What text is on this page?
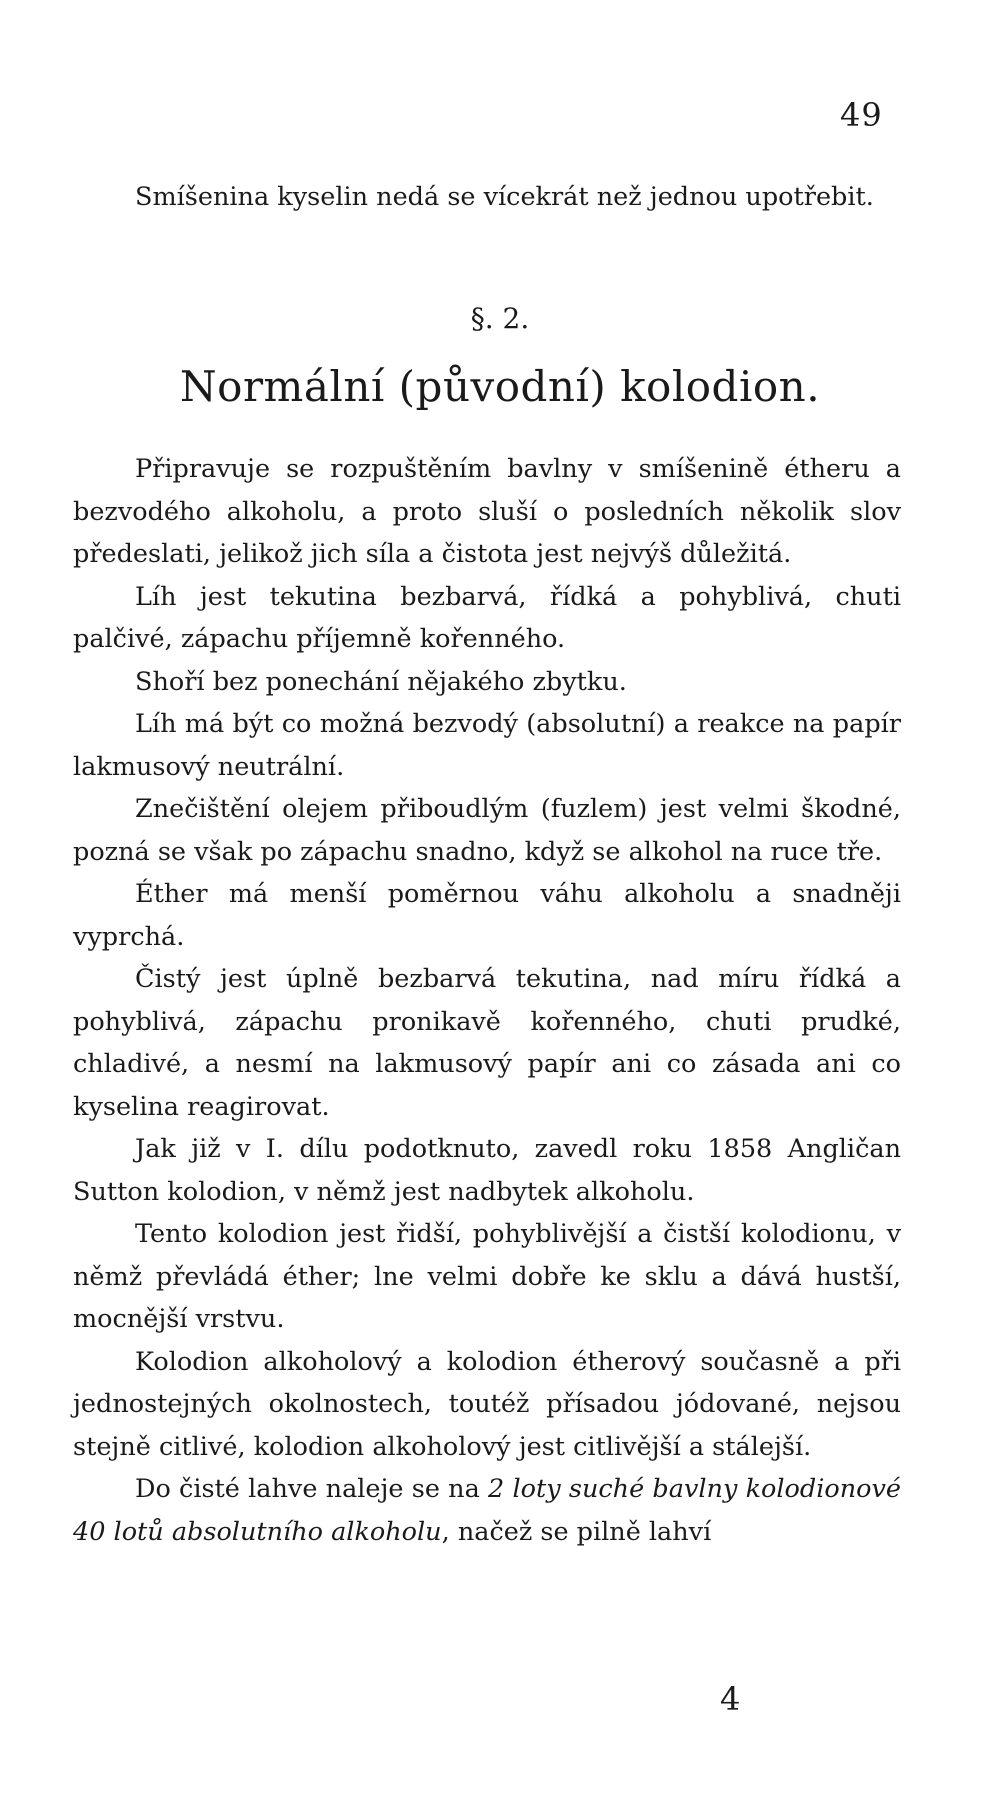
49

Smíšenina kyselin nedá se vícekrát než jednou upotřebit.

§. 2.
Normální (původní) kolodion.

Připravuje se rozpuštěním bavlny v smíšenině étheru a bezvodého alkoholu, a proto sluší o posledních několik slov předeslati, jelikož jich síla a čistota jest nejvýš důležitá.

Líh jest tekutina bezbarvá, řídká a pohyblivá, chuti palčivé, zápachu příjemně kořenného.

Shoří bez ponechání nějakého zbytku.

Líh má být co možná bezvodý (absolutní) a reakce na papír lakmusový neutrální.

Znečištění olejem přiboudlým (fuzlem) jest velmi škodné, pozná se však po zápachu snadno, když se alkohol na ruce tře.

Éther má menší poměrnou váhu alkoholu a snadněji vyprchá.

Čistý jest úplně bezbarvá tekutina, nad míru řídká a pohyblivá, zápachu pronikavě kořenného, chuti prudké, chladivé, a nesmí na lakmusový papír ani co zásada ani co kyselina reagirovat.

Jak již v I. dílu podotknuto, zavedl roku 1858 Angličan Sutton kolodion, v němž jest nadbytek alkoholu.

Tento kolodion jest řidší, pohyblivější a čistší kolodionu, v němž převládá éther; lne velmi dobře ke sklu a dává hustší, mocnější vrstvu.

Kolodion alkoholový a kolodion étherový současně a při jednostejných okolnostech, toutéž přísadou jódované, nejsou stejně citlivé, kolodion alkoholový jest citlivější a stálejší.

Do čisté lahve naleje se na 2 loty suché bavlny kolodionové 40 lotů absolutního alkoholu, načež se pilně lahví

4
